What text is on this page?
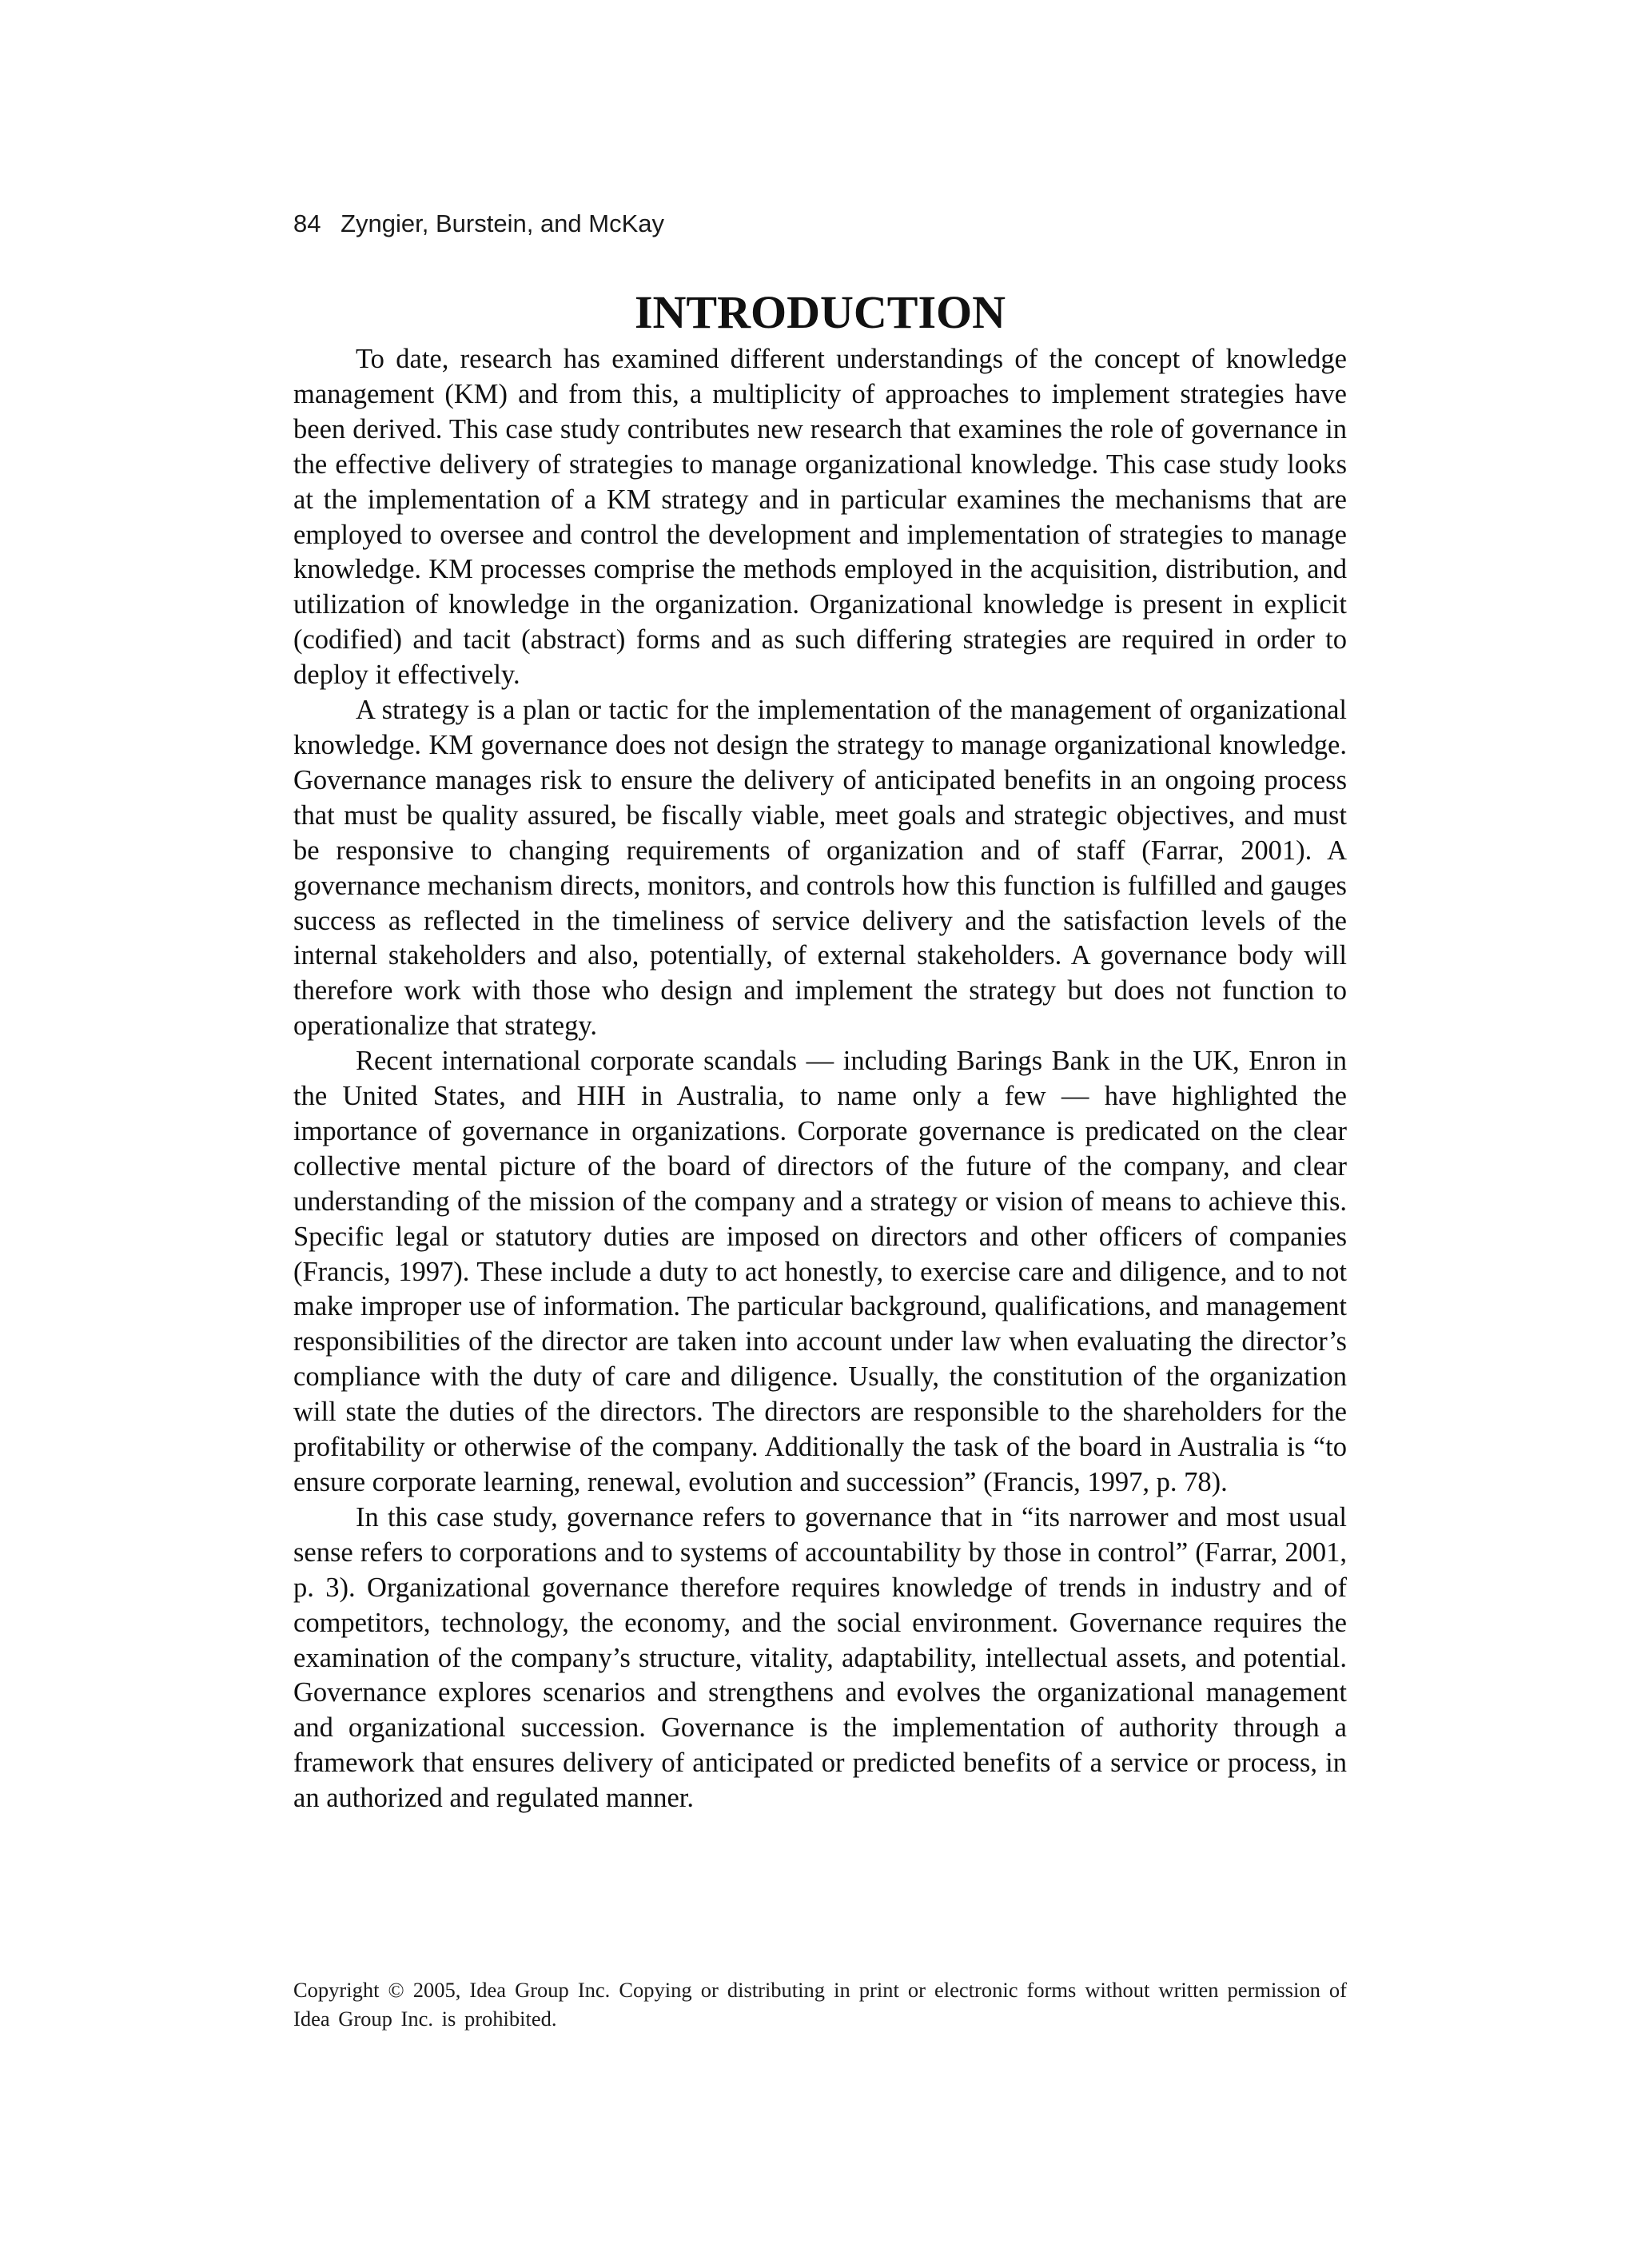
84 Zyngier, Burstein, and McKay
INTRODUCTION

To date, research has examined different understandings of the concept of knowledge management (KM) and from this, a multiplicity of approaches to implement strategies have been derived. This case study contributes new research that examines the role of governance in the effective delivery of strategies to manage organizational knowledge. This case study looks at the implementation of a KM strategy and in particular examines the mechanisms that are employed to oversee and control the development and implementation of strategies to manage knowledge. KM processes comprise the methods employed in the acquisition, distribution, and utilization of knowledge in the organization. Organizational knowledge is present in explicit (codified) and tacit (abstract) forms and as such differing strategies are required in order to deploy it effectively.

A strategy is a plan or tactic for the implementation of the management of organizational knowledge. KM governance does not design the strategy to manage organizational knowledge. Governance manages risk to ensure the delivery of anticipated benefits in an ongoing process that must be quality assured, be fiscally viable, meet goals and strategic objectives, and must be responsive to changing requirements of organization and of staff (Farrar, 2001). A governance mechanism directs, monitors, and controls how this function is fulfilled and gauges success as reflected in the timeliness of service delivery and the satisfaction levels of the internal stakeholders and also, potentially, of external stakeholders. A governance body will therefore work with those who design and implement the strategy but does not function to operationalize that strategy.

Recent international corporate scandals — including Barings Bank in the UK, Enron in the United States, and HIH in Australia, to name only a few — have highlighted the importance of governance in organizations. Corporate governance is predicated on the clear collective mental picture of the board of directors of the future of the company, and clear understanding of the mission of the company and a strategy or vision of means to achieve this. Specific legal or statutory duties are imposed on directors and other officers of companies (Francis, 1997). These include a duty to act honestly, to exercise care and diligence, and to not make improper use of information. The particular background, qualifications, and management responsibilities of the director are taken into account under law when evaluating the director’s compliance with the duty of care and diligence. Usually, the constitution of the organization will state the duties of the directors. The directors are responsible to the shareholders for the profitability or otherwise of the company. Additionally the task of the board in Australia is “to ensure corporate learning, renewal, evolution and succession” (Francis, 1997, p. 78).

In this case study, governance refers to governance that in “its narrower and most usual sense refers to corporations and to systems of accountability by those in control” (Farrar, 2001, p. 3). Organizational governance therefore requires knowledge of trends in industry and of competitors, technology, the economy, and the social environment. Governance requires the examination of the company’s structure, vitality, adaptability, intellectual assets, and potential. Governance explores scenarios and strengthens and evolves the organizational management and organizational succession. Governance is the implementation of authority through a framework that ensures delivery of anticipated or predicted benefits of a service or process, in an authorized and regulated manner.

Copyright © 2005, Idea Group Inc. Copying or distributing in print or electronic forms without written permission of Idea Group Inc. is prohibited.
